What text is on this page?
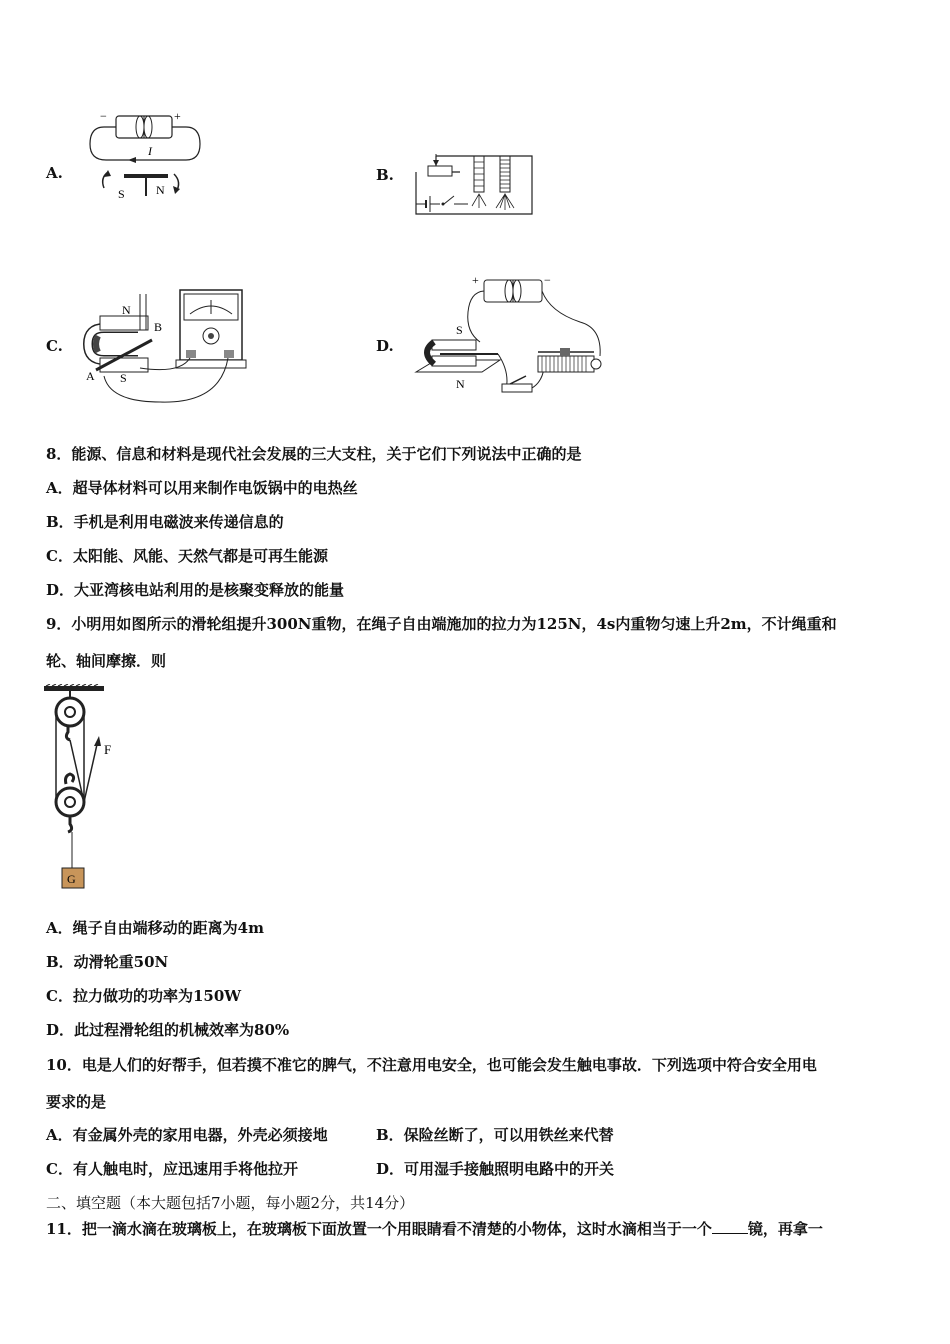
A.
−	+
I
S	N
B.
C.
N
B
A S
D.
+	−
S
N
8．能源、信息和材料是现代社会发展的三大支柱，关于它们下列说法中正确的是
A．超导体材料可以用来制作电饭锅中的电热丝
B．手机是利用电磁波来传递信息的
C．太阳能、风能、天然气都是可再生能源
D．大亚湾核电站利用的是核聚变释放的能量
9．小明用如图所示的滑轮组提升300N重物，在绳子自由端施加的拉力为125N，4s内重物匀速上升2m，不计绳重和
轮、轴间摩擦．则
F
G
A．绳子自由端移动的距离为4m
B．动滑轮重50N
C．拉力做功的功率为150W
D．此过程滑轮组的机械效率为80%
10．电是人们的好帮手，但若摸不准它的脾气，不注意用电安全，也可能会发生触电事故．下列选项中符合安全用电
要求的是
A．有金属外壳的家用电器，外壳必须接地	B．保险丝断了，可以用铁丝来代替
C．有人触电时，应迅速用手将他拉开	D．可用湿手接触照明电路中的开关
二、填空题（本大题包括7小题，每小题2分，共14分）
11．把一滴水滴在玻璃板上，在玻璃板下面放置一个用眼睛看不清楚的小物体，这时水滴相当于一个 镜，再拿一
